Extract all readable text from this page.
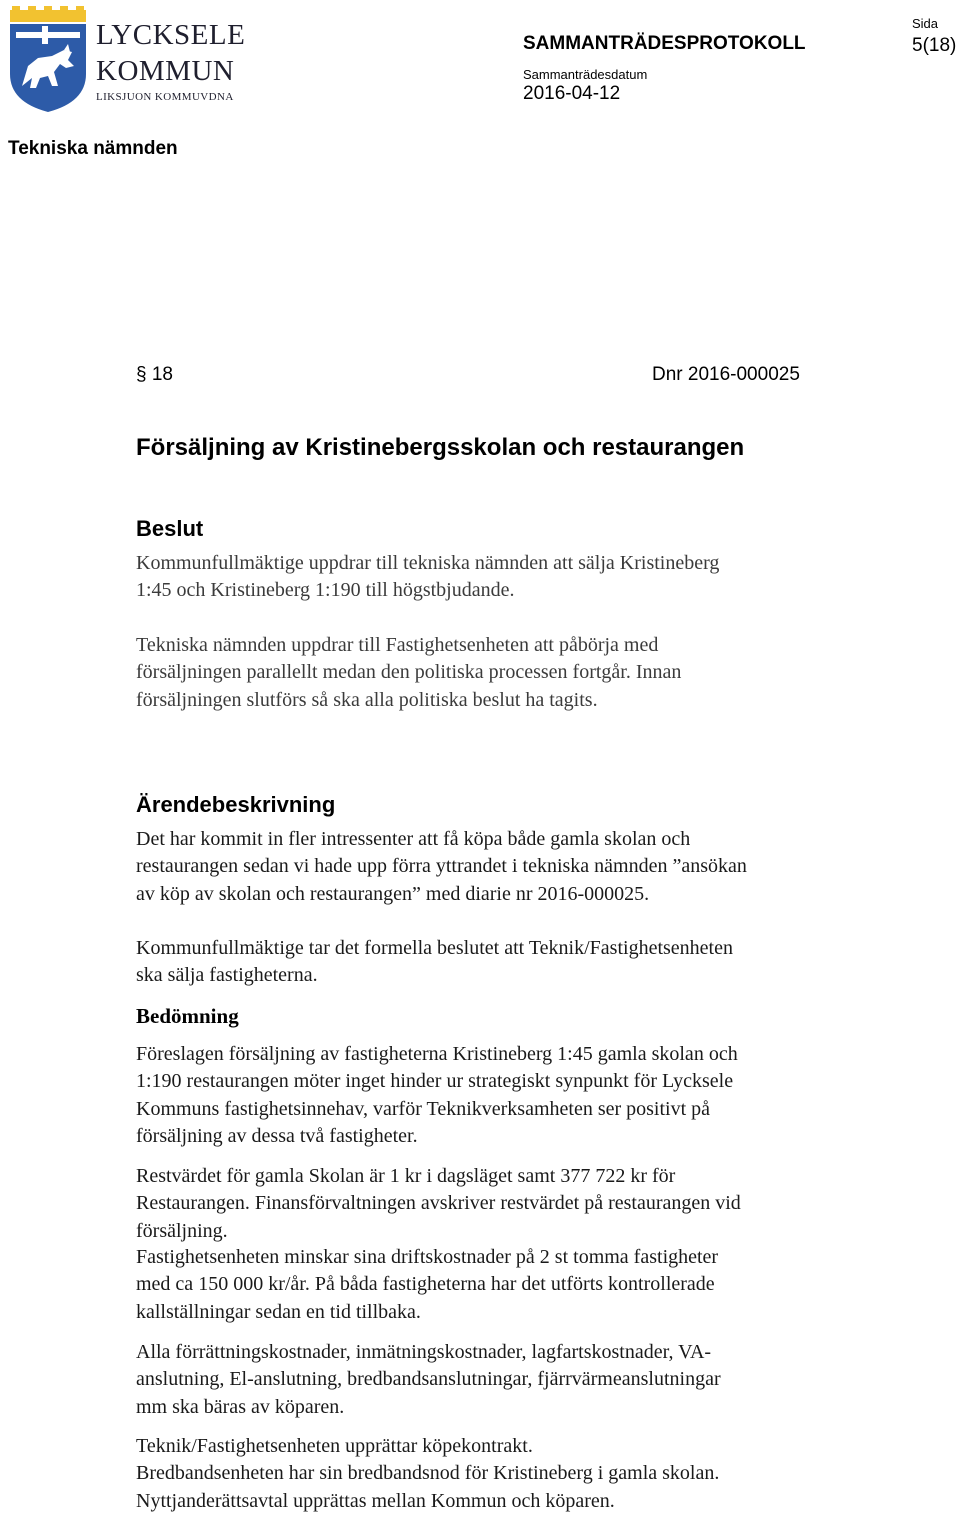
LYCKSELE
KOMMUN
LIKSJUON KOMMUVDNA
SAMMANTRÄDESPROTOKOLL
Sammanträdesdatum
2016-04-12
Sida
5(18)
Tekniska nämnden
§ 18	Dnr 2016-000025
Försäljning av Kristinebergsskolan och restaurangen
Beslut
Kommunfullmäktige uppdrar till tekniska nämnden att sälja Kristineberg
1:45 och Kristineberg 1:190 till högstbjudande.
Tekniska nämnden uppdrar till Fastighetsenheten att påbörja med
försäljningen parallellt medan den politiska processen fortgår. Innan
försäljningen slutförs så ska alla politiska beslut ha tagits.
Ärendebeskrivning
Det har kommit in fler intressenter att få köpa både gamla skolan och
restaurangen sedan vi hade upp förra yttrandet i tekniska nämnden ”ansökan
av köp av skolan och restaurangen” med diarie nr 2016-000025.
Kommunfullmäktige tar det formella beslutet att Teknik/Fastighetsenheten
ska sälja fastigheterna.
Bedömning
Föreslagen försäljning av fastigheterna Kristineberg 1:45 gamla skolan och
1:190 restaurangen möter inget hinder ur strategiskt synpunkt för Lycksele
Kommuns fastighetsinnehav, varför Teknikverksamheten ser positivt på
försäljning av dessa två fastigheter.
Restvärdet för gamla Skolan är 1 kr i dagsläget samt 377 722 kr för
Restaurangen. Finansförvaltningen avskriver restvärdet på restaurangen vid
försäljning.
Fastighetsenheten minskar sina driftskostnader på 2 st tomma fastigheter
med ca 150 000 kr/år. På båda fastigheterna har det utförts kontrollerade
kallställningar sedan en tid tillbaka.
Alla förrättningskostnader, inmätningskostnader, lagfartskostnader, VA-
anslutning, El-anslutning, bredbandsanslutningar, fjärrvärmeanslutningar
mm ska bäras av köparen.
Teknik/Fastighetsenheten upprättar köpekontrakt.
Bredbandsenheten har sin bredbandsnod för Kristineberg i gamla skolan.
Nyttjanderättsavtal upprättas mellan Kommun och köparen.
